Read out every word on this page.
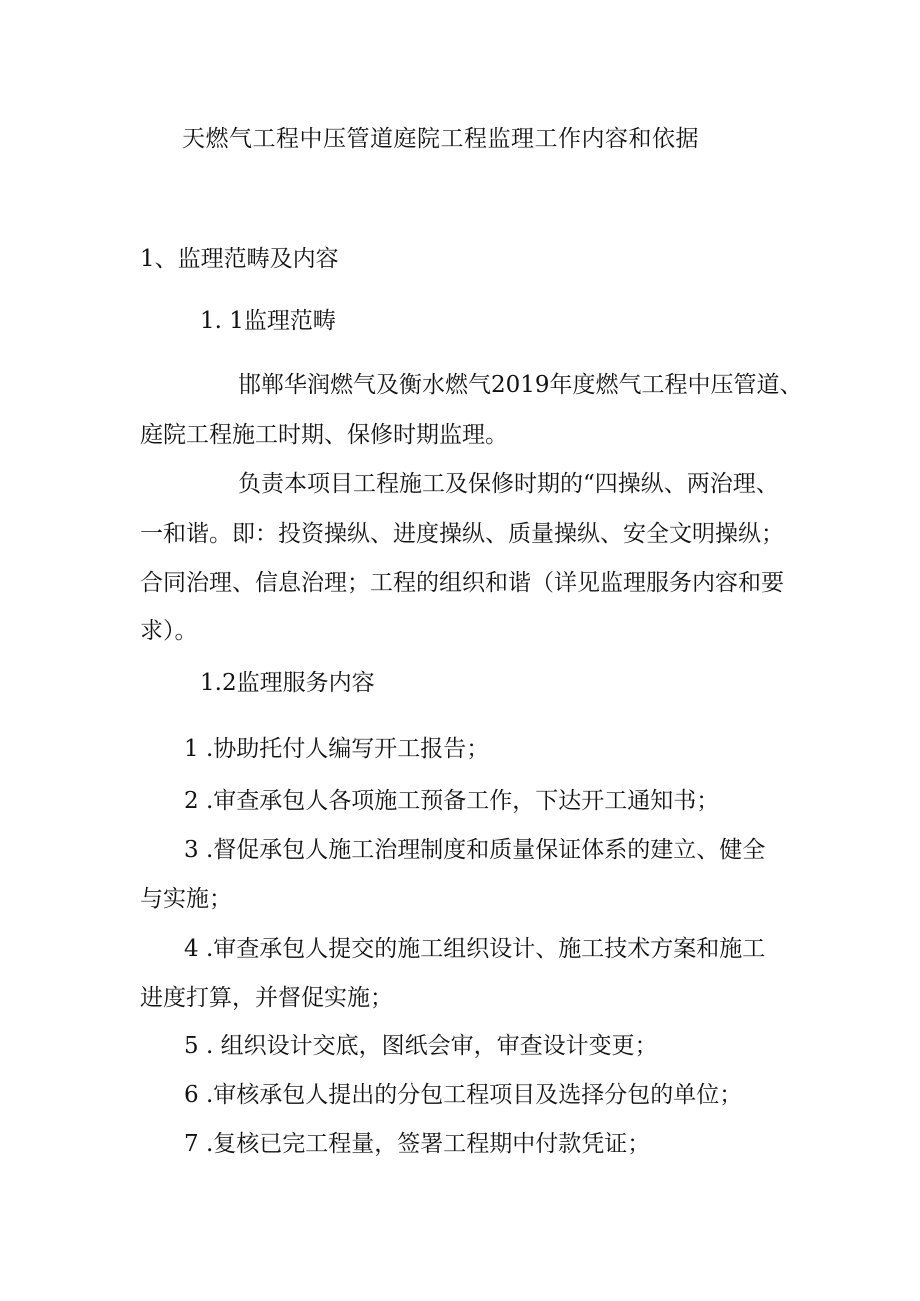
天燃气工程中压管道庭院工程监理工作内容和依据
1、监理范畴及内容
1. 1监理范畴
邯郸华润燃气及衡水燃气2019年度燃气工程中压管道、
庭院工程施工时期、保修时期监理。
负责本项目工程施工及保修时期的“四操纵、两治理、
一和谐。即：投资操纵、进度操纵、质量操纵、安全文明操纵；
合同治理、信息治理；工程的组织和谐（详见监理服务内容和要
求）。
1.2监理服务内容
1 .协助托付人编写开工报告；
2 .审查承包人各项施工预备工作，下达开工通知书；
3 .督促承包人施工治理制度和质量保证体系的建立、健全
与实施；
4 .审查承包人提交的施工组织设计、施工技术方案和施工
进度打算，并督促实施；
5 . 组织设计交底，图纸会审，审查设计变更；
6 .审核承包人提出的分包工程项目及选择分包的单位；
7 .复核已完工程量，签署工程期中付款凭证；
